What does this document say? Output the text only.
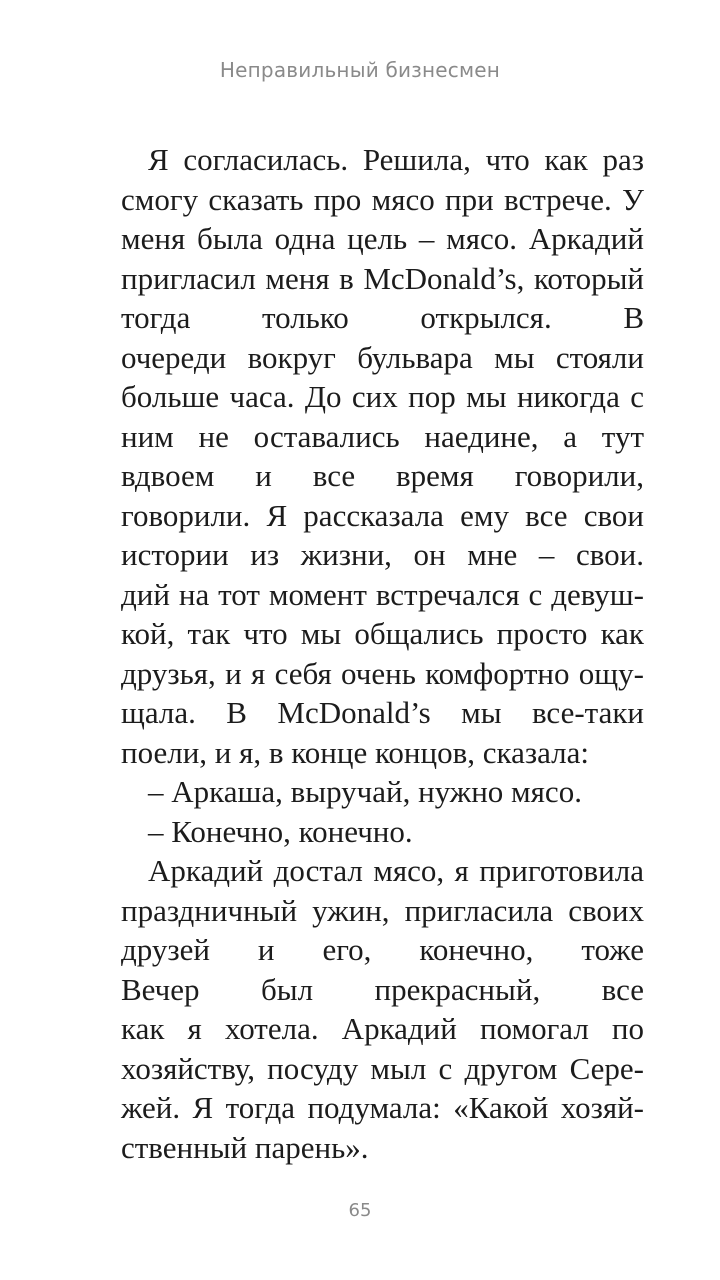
Неправильный бизнесмен
Я согласилась. Решила, что как раз
смогу сказать про мясо при встрече. У
меня была одна цель – мясо. Аркадий
пригласил меня в McDonald’s, который
тогда только открылся. В
очереди вокруг бульвара мы стояли
больше часа. До сих пор мы никогда с
ним не оставались наедине, а тут
вдвоем и все время говорили,
говорили. Я рассказала ему все свои
истории из жизни, он мне – свои.
дий на тот момент встречался с девуш-
кой, так что мы общались просто как
друзья, и я себя очень комфортно ощу-
щала. В McDonald’s мы все-таки
поели, и я, в конце концов, сказала:
– Аркаша, выручай, нужно мясо.
– Конечно, конечно.
Аркадий достал мясо, я приготовила
праздничный ужин, пригласила своих
друзей и его, конечно, тоже
Вечер был прекрасный, все
как я хотела. Аркадий помогал по
хозяйству, посуду мыл с другом Сере-
жей. Я тогда подумала: «Какой хозяй-
ственный парень».
65
